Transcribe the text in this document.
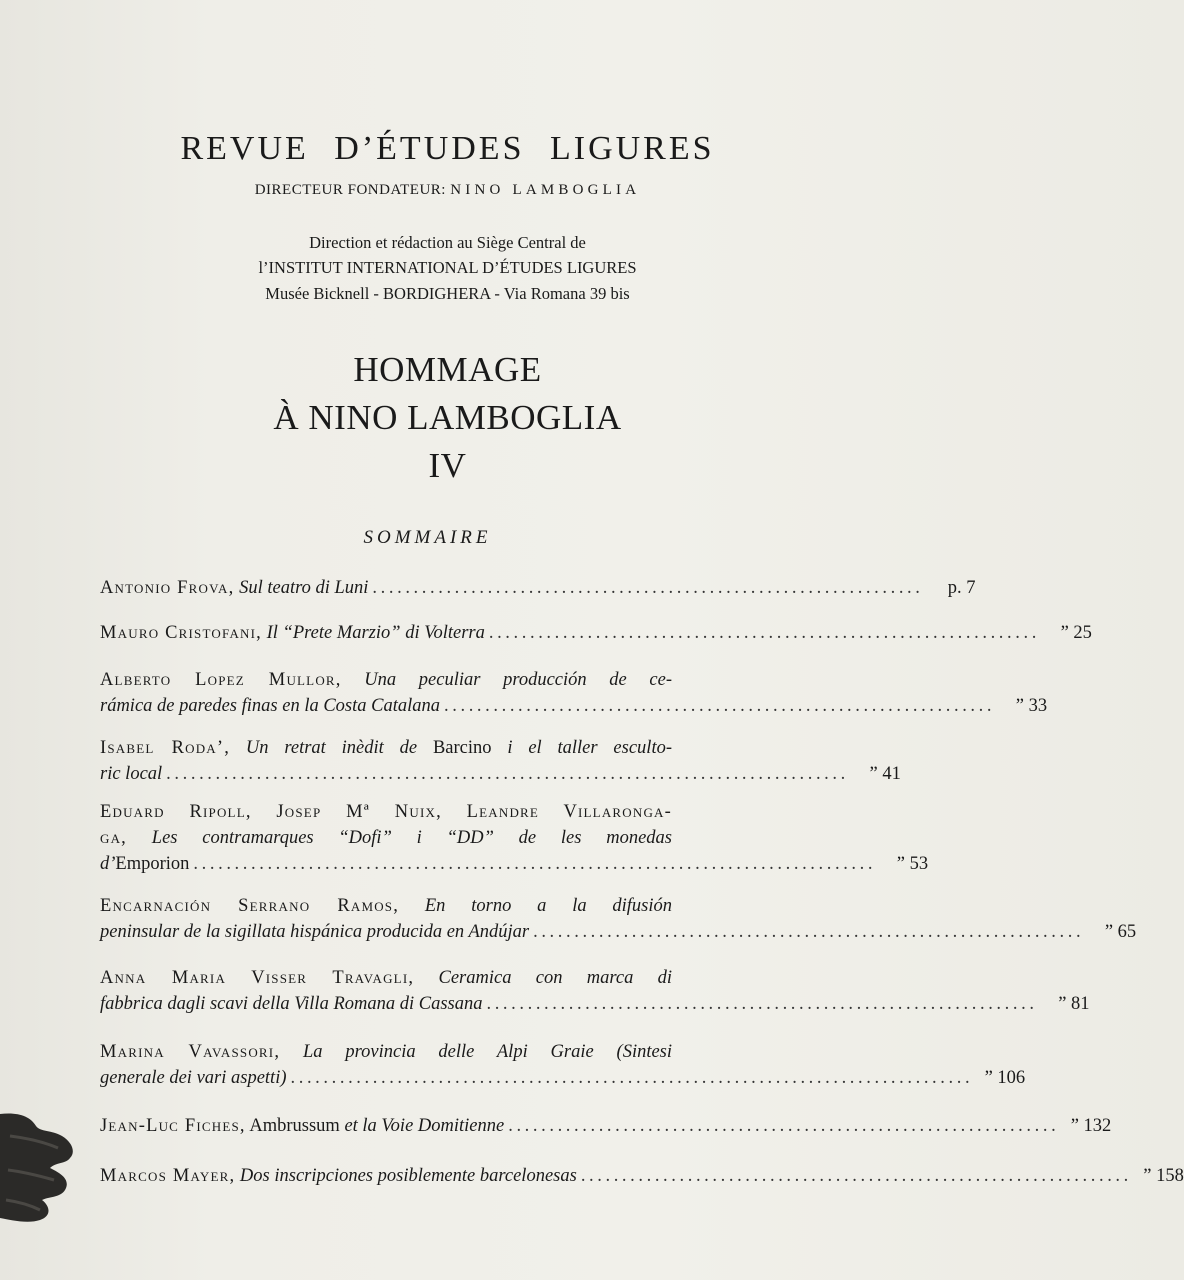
REVUE D’ÉTUDES LIGURES
DIRECTEUR FONDATEUR: NINO LAMBOGLIA
Direction et rédaction au Siège Central de
l’INSTITUT INTERNATIONAL D’ÉTUDES LIGURES
Musée Bicknell - BORDIGHERA - Via Romana 39 bis
HOMMAGE
À NINO LAMBOGLIA
IV
SOMMAIRE
Antonio Frova, Sul teatro di Luni ...................................................................	p. 7
Mauro Cristofani, Il “Prete Marzio” di Volterra ...................................................................	” 25
Alberto Lopez Mullor, Una peculiar producción de ce-
rámica de paredes finas en la Costa Catalana ...................................................................	” 33
Isabel Roda’, Un retrat inèdit de Barcino i el taller esculto-
ric local ...................................................................................	” 41
Eduard Ripoll, Josep Mª Nuix, Leandre Villaronga-
ga, Les contramarques “Dofi” i “DD” de les monedas
d’Emporion ...................................................................................	” 53
Encarnación Serrano Ramos, En torno a la difusión
peninsular de la sigillata hispánica producida en Andújar ...................................................................	” 65
Anna Maria Visser Travagli, Ceramica con marca di
fabbrica dagli scavi della Villa Romana di Cassana ...................................................................	” 81
Marina Vavassori, La provincia delle Alpi Graie (Sintesi
generale dei vari aspetti) ................................................................................... ” 106
Jean-Luc Fiches, Ambrussum et la Voie Domitienne ................................................................... ” 132
Marcos Mayer, Dos inscripciones posiblemente barcelonesas ................................................................... ” 158
